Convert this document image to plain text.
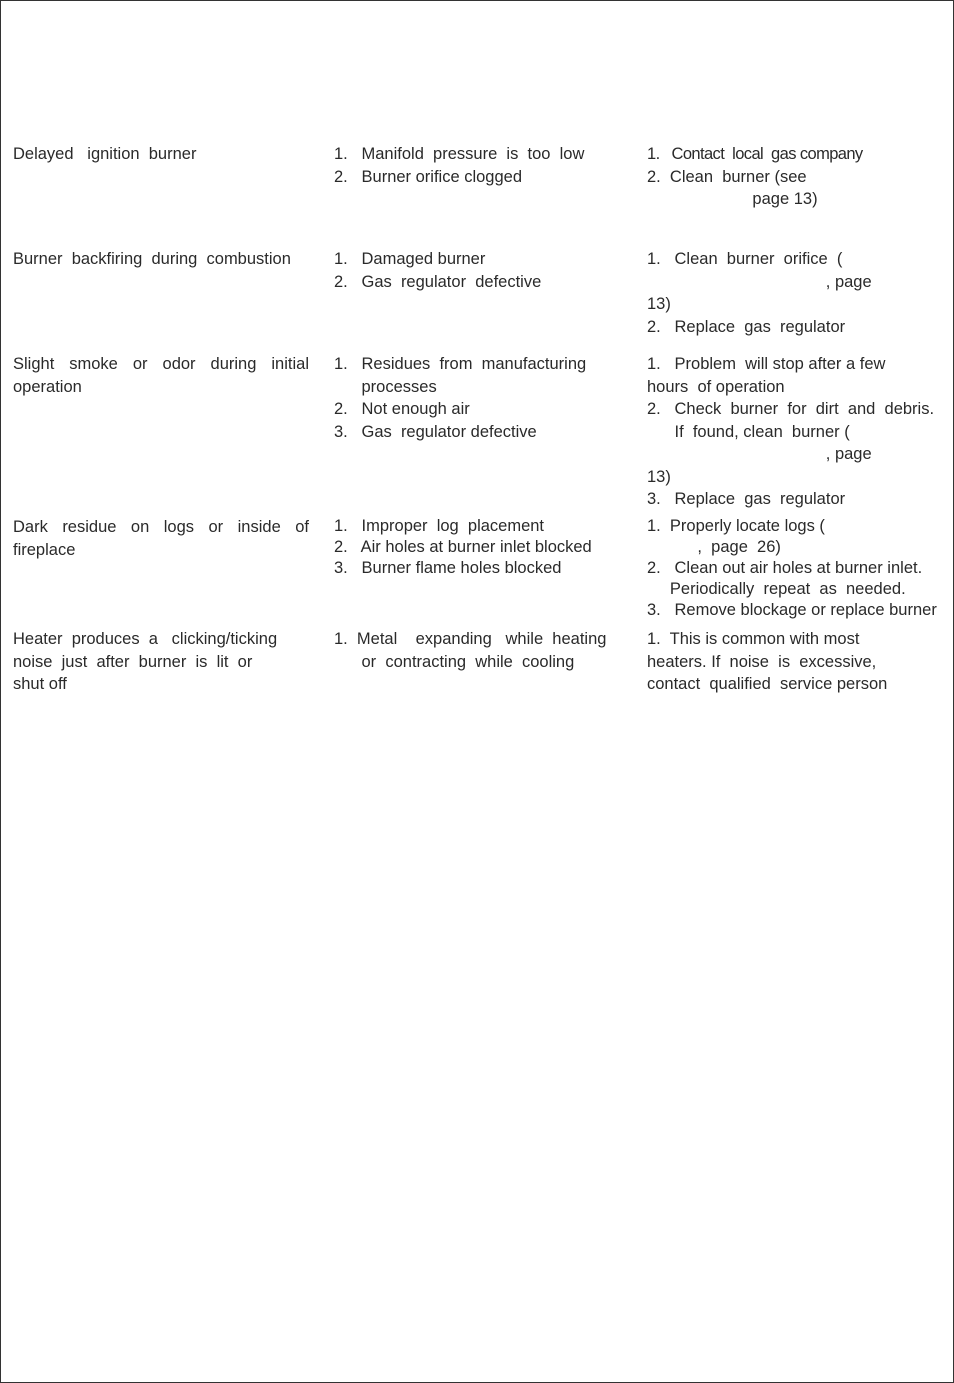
Delayed   ignition  burner	1.   Manifold  pressure  is  too  low
2.   Burner orifice clogged
1.   Contact  local  gas company
2.  Clean  burner (see
page 13)
Burner  backfiring  during  combustion	1.   Damaged burner
2.   Gas  regulator  defective
1.   Clean  burner  orifice  (
, page
13)
2.   Replace  gas  regulator
Slight smoke or odor during initial
operation
1.   Residues  from  manufacturing
processes
2.   Not enough air
3.   Gas  regulator defective
1.   Problem  will stop after a few
hours  of operation
2.   Check  burner  for  dirt  and  debris.
If  found, clean  burner (
, page
13)
3.   Replace  gas  regulator
Dark residue on logs or inside of
fireplace
1.   Improper  log  placement
2.   Air holes at burner inlet blocked
3.   Burner flame holes blocked
1.  Properly locate logs (
,  page  26)
2.   Clean out air holes at burner inlet.
Periodically  repeat  as  needed.
3.   Remove blockage or replace burner
Heater  produces  a   clicking/ticking
noise  just  after  burner  is  lit  or
shut off
1.  Metal    expanding   while  heating
or  contracting  while  cooling
1.  This is common with most
heaters. If  noise  is  excessive,
contact  qualified  service person
